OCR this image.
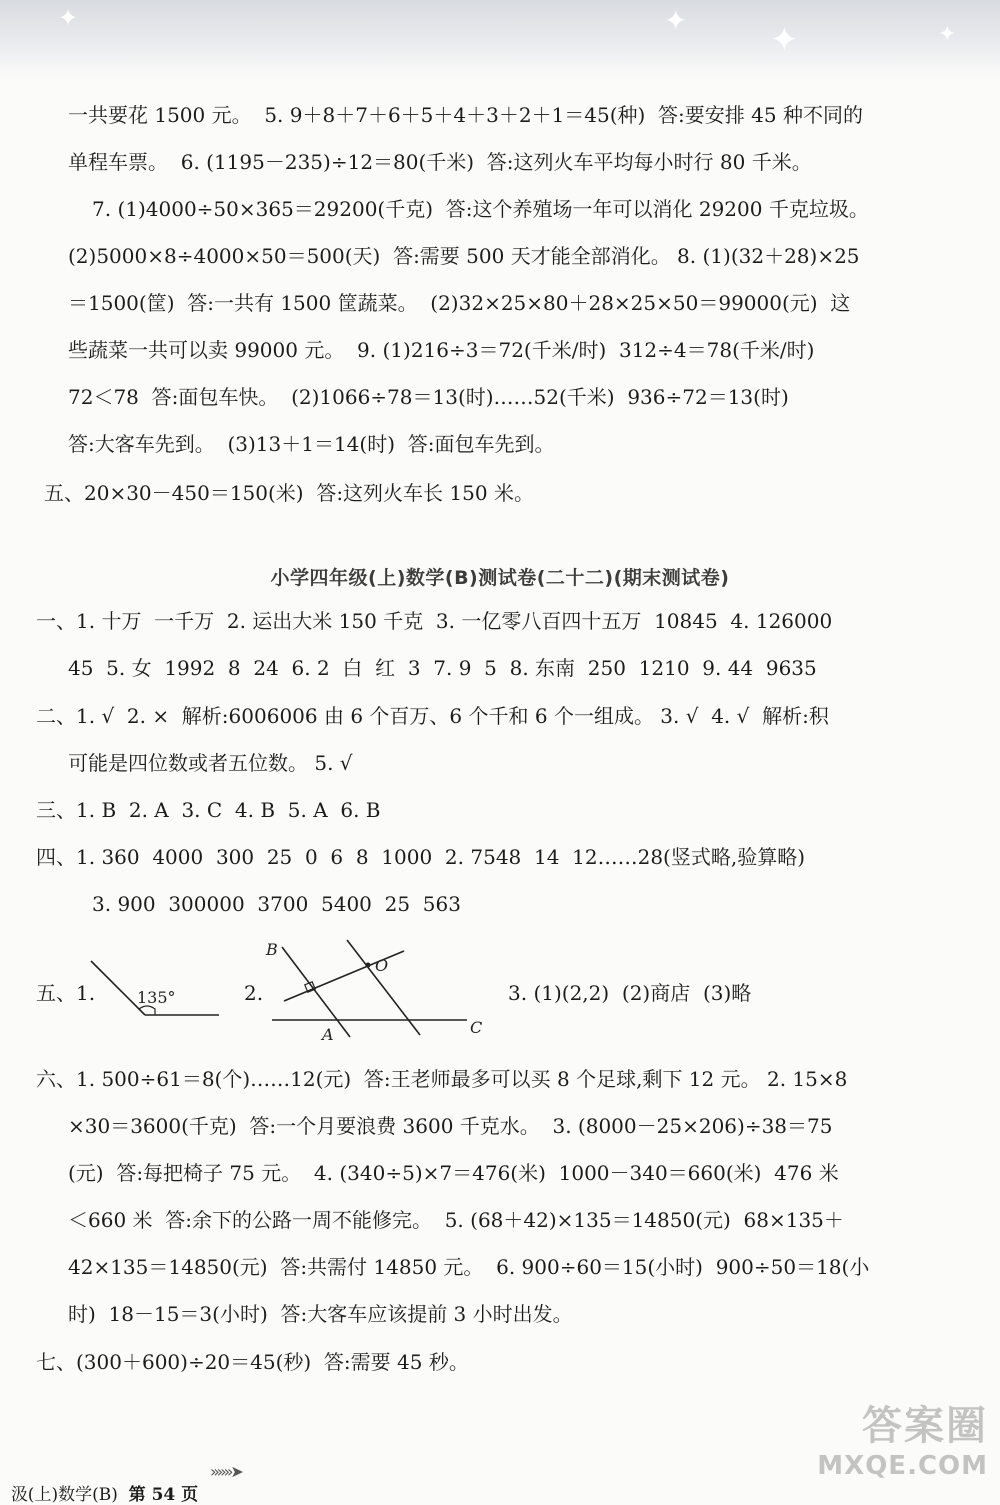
✦	✦ ✦	✦
一共要花 1500 元。  5. 9＋8＋7＋6＋5＋4＋3＋2＋1＝45(种)  答:要安排 45 种不同的
单程车票。  6. (1195－235)÷12＝80(千米)  答:这列火车平均每小时行 80 千米。
7. (1)4000÷50×365＝29200(千克)  答:这个养殖场一年可以消化 29200 千克垃圾。
(2)5000×8÷4000×50＝500(天)  答:需要 500 天才能全部消化。 8. (1)(32＋28)×25
＝1500(筐)  答:一共有 1500 筐蔬菜。  (2)32×25×80＋28×25×50＝99000(元)  这
些蔬菜一共可以卖 99000 元。  9. (1)216÷3＝72(千米/时)  312÷4＝78(千米/时)
72＜78  答:面包车快。  (2)1066÷78＝13(时)……52(千米)  936÷72＝13(时)
答:大客车先到。  (3)13＋1＝14(时)  答:面包车先到。
五、20×30－450＝150(米)  答:这列火车长 150 米。
小学四年级(上)数学(B)测试卷(二十二)(期末测试卷)
一、1. 十万  一千万  2. 运出大米 150 千克  3. 一亿零八百四十五万  10845  4. 126000
45  5. 女  1992  8  24  6. 2  白  红  3  7. 9  5  8. 东南  250  1210  9. 44  9635
二、1. √  2. ×  解析:6006006 由 6 个百万、6 个千和 6 个一组成。 3. √  4. √  解析:积
可能是四位数或者五位数。 5. √
三、1. B  2. A  3. C  4. B  5. A  6. B
四、1. 360  4000  300  25  0  6  8  1000  2. 7548  14  12……28(竖式略,验算略)
3. 900  300000  3700  5400  25  563
五、1.	135°	2.
B
O
A	C
3. (1)(2,2)  (2)商店  (3)略
六、1. 500÷61＝8(个)……12(元)  答:王老师最多可以买 8 个足球,剩下 12 元。 2. 15×8
×30＝3600(千克)  答:一个月要浪费 3600 千克水。  3. (8000－25×206)÷38＝75
(元)  答:每把椅子 75 元。  4. (340÷5)×7＝476(米)  1000－340＝660(米)  476 米
＜660 米  答:余下的公路一周不能修完。  5. (68＋42)×135＝14850(元)  68×135＋
42×135＝14850(元)  答:共需付 14850 元。  6. 900÷60＝15(小时)  900÷50＝18(小
时)  18－15＝3(小时)  答:大客车应该提前 3 小时出发。
七、(300＋600)÷20＝45(秒)  答:需要 45 秒。

汲(上)数学(B) 第 54 页

»»»➤
答案圈
MXQE.COM
